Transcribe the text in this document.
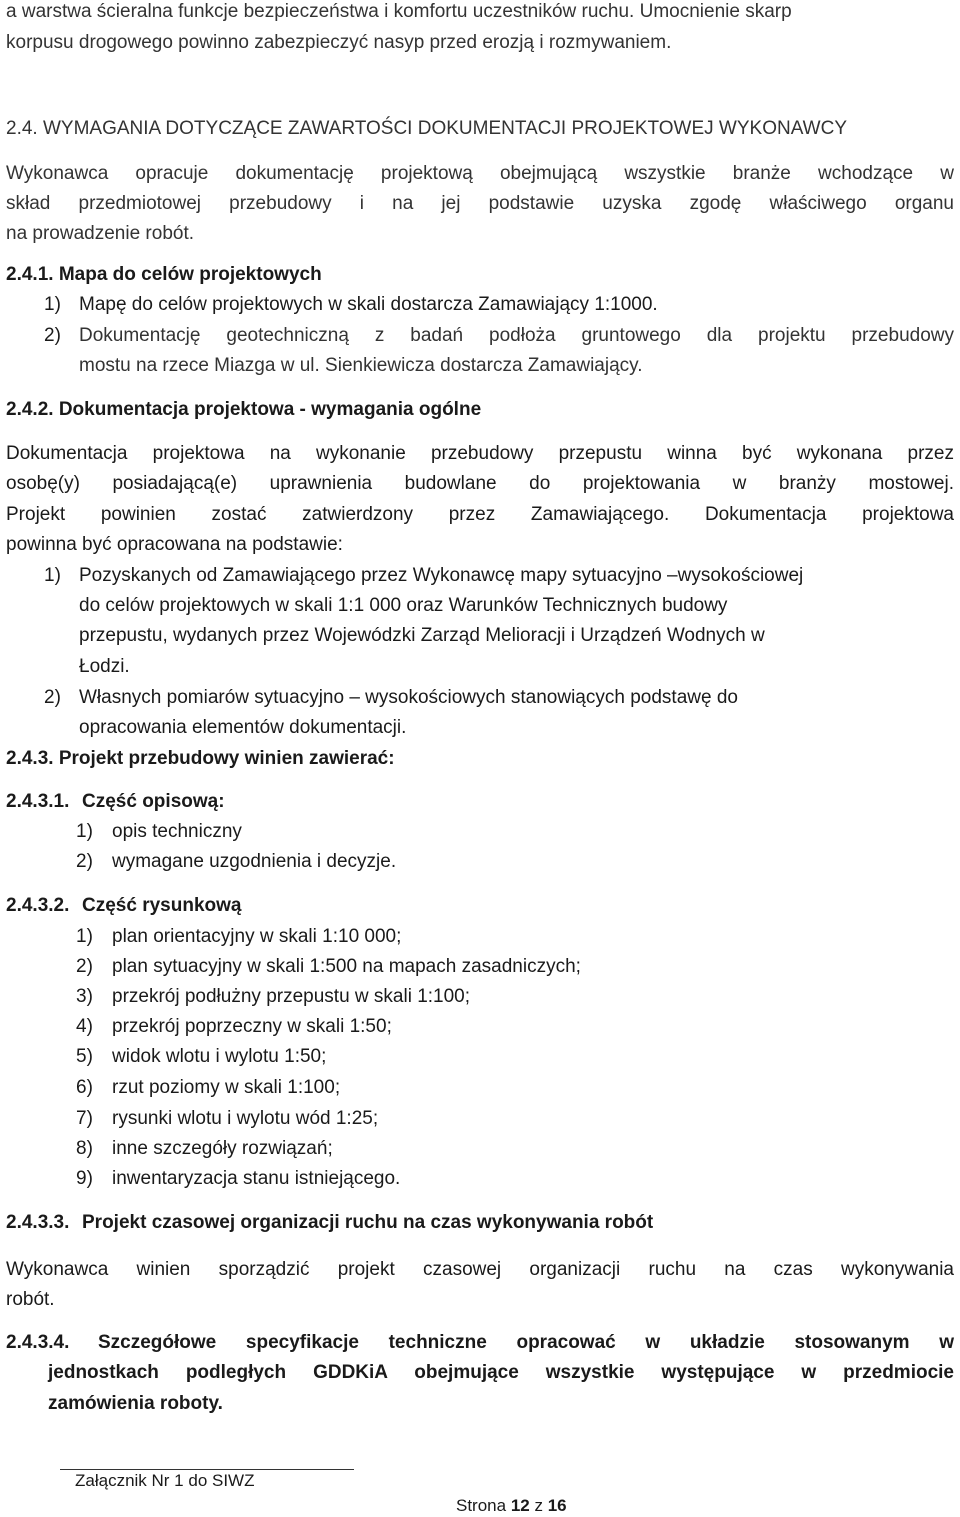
a warstwa ścieralna funkcje bezpieczeństwa i komfortu uczestników ruchu. Umocnienie skarp
korpusu drogowego powinno zabezpieczyć nasyp przed erozją i rozmywaniem.
2.4. WYMAGANIA DOTYCZĄCE ZAWARTOŚCI DOKUMENTACJI PROJEKTOWEJ WYKONAWCY
Wykonawca opracuje dokumentację projektową obejmującą wszystkie branże wchodzące w
skład przedmiotowej przebudowy i na jej podstawie uzyska zgodę właściwego organu
na prowadzenie robót.
2.4.1. Mapa do celów projektowych
1) Mapę do celów projektowych w skali dostarcza Zamawiający 1:1000.
2) Dokumentację geotechniczną z badań podłoża gruntowego dla projektu przebudowy
mostu na rzece Miazga w ul. Sienkiewicza dostarcza Zamawiający.
2.4.2. Dokumentacja projektowa - wymagania ogólne
Dokumentacja projektowa na wykonanie przebudowy przepustu winna być wykonana przez
osobę(y) posiadającą(e) uprawnienia budowlane do projektowania w branży mostowej.
Projekt powinien zostać zatwierdzony przez Zamawiającego. Dokumentacja projektowa
powinna być opracowana na podstawie:
1) Pozyskanych od Zamawiającego przez Wykonawcę mapy sytuacyjno –wysokościowej
do celów projektowych w skali 1:1 000 oraz Warunków Technicznych budowy
przepustu, wydanych przez Wojewódzki Zarząd Melioracji i Urządzeń Wodnych w
Łodzi.
2) Własnych pomiarów sytuacyjno – wysokościowych stanowiących podstawę do
opracowania elementów dokumentacji.
2.4.3. Projekt przebudowy winien zawierać:
2.4.3.1. Część opisową:
1) opis techniczny
2) wymagane uzgodnienia i decyzje.
2.4.3.2. Część rysunkową
1) plan orientacyjny w skali 1:10 000;
2) plan sytuacyjny w skali 1:500 na mapach zasadniczych;
3) przekrój podłużny przepustu w skali 1:100;
4) przekrój poprzeczny w skali 1:50;
5) widok wlotu i wylotu 1:50;
6) rzut poziomy w skali 1:100;
7) rysunki wlotu i wylotu wód 1:25;
8) inne szczegóły rozwiązań;
9) inwentaryzacja stanu istniejącego.
2.4.3.3. Projekt czasowej organizacji ruchu na czas wykonywania robót
Wykonawca winien sporządzić projekt czasowej organizacji ruchu na czas wykonywania
robót.
2.4.3.4. Szczegółowe specyfikacje techniczne opracować w układzie stosowanym w
jednostkach podległych GDDKiA obejmujące wszystkie występujące w przedmiocie
zamówienia roboty.
Załącznik Nr 1 do SIWZ
Strona 12 z 16
